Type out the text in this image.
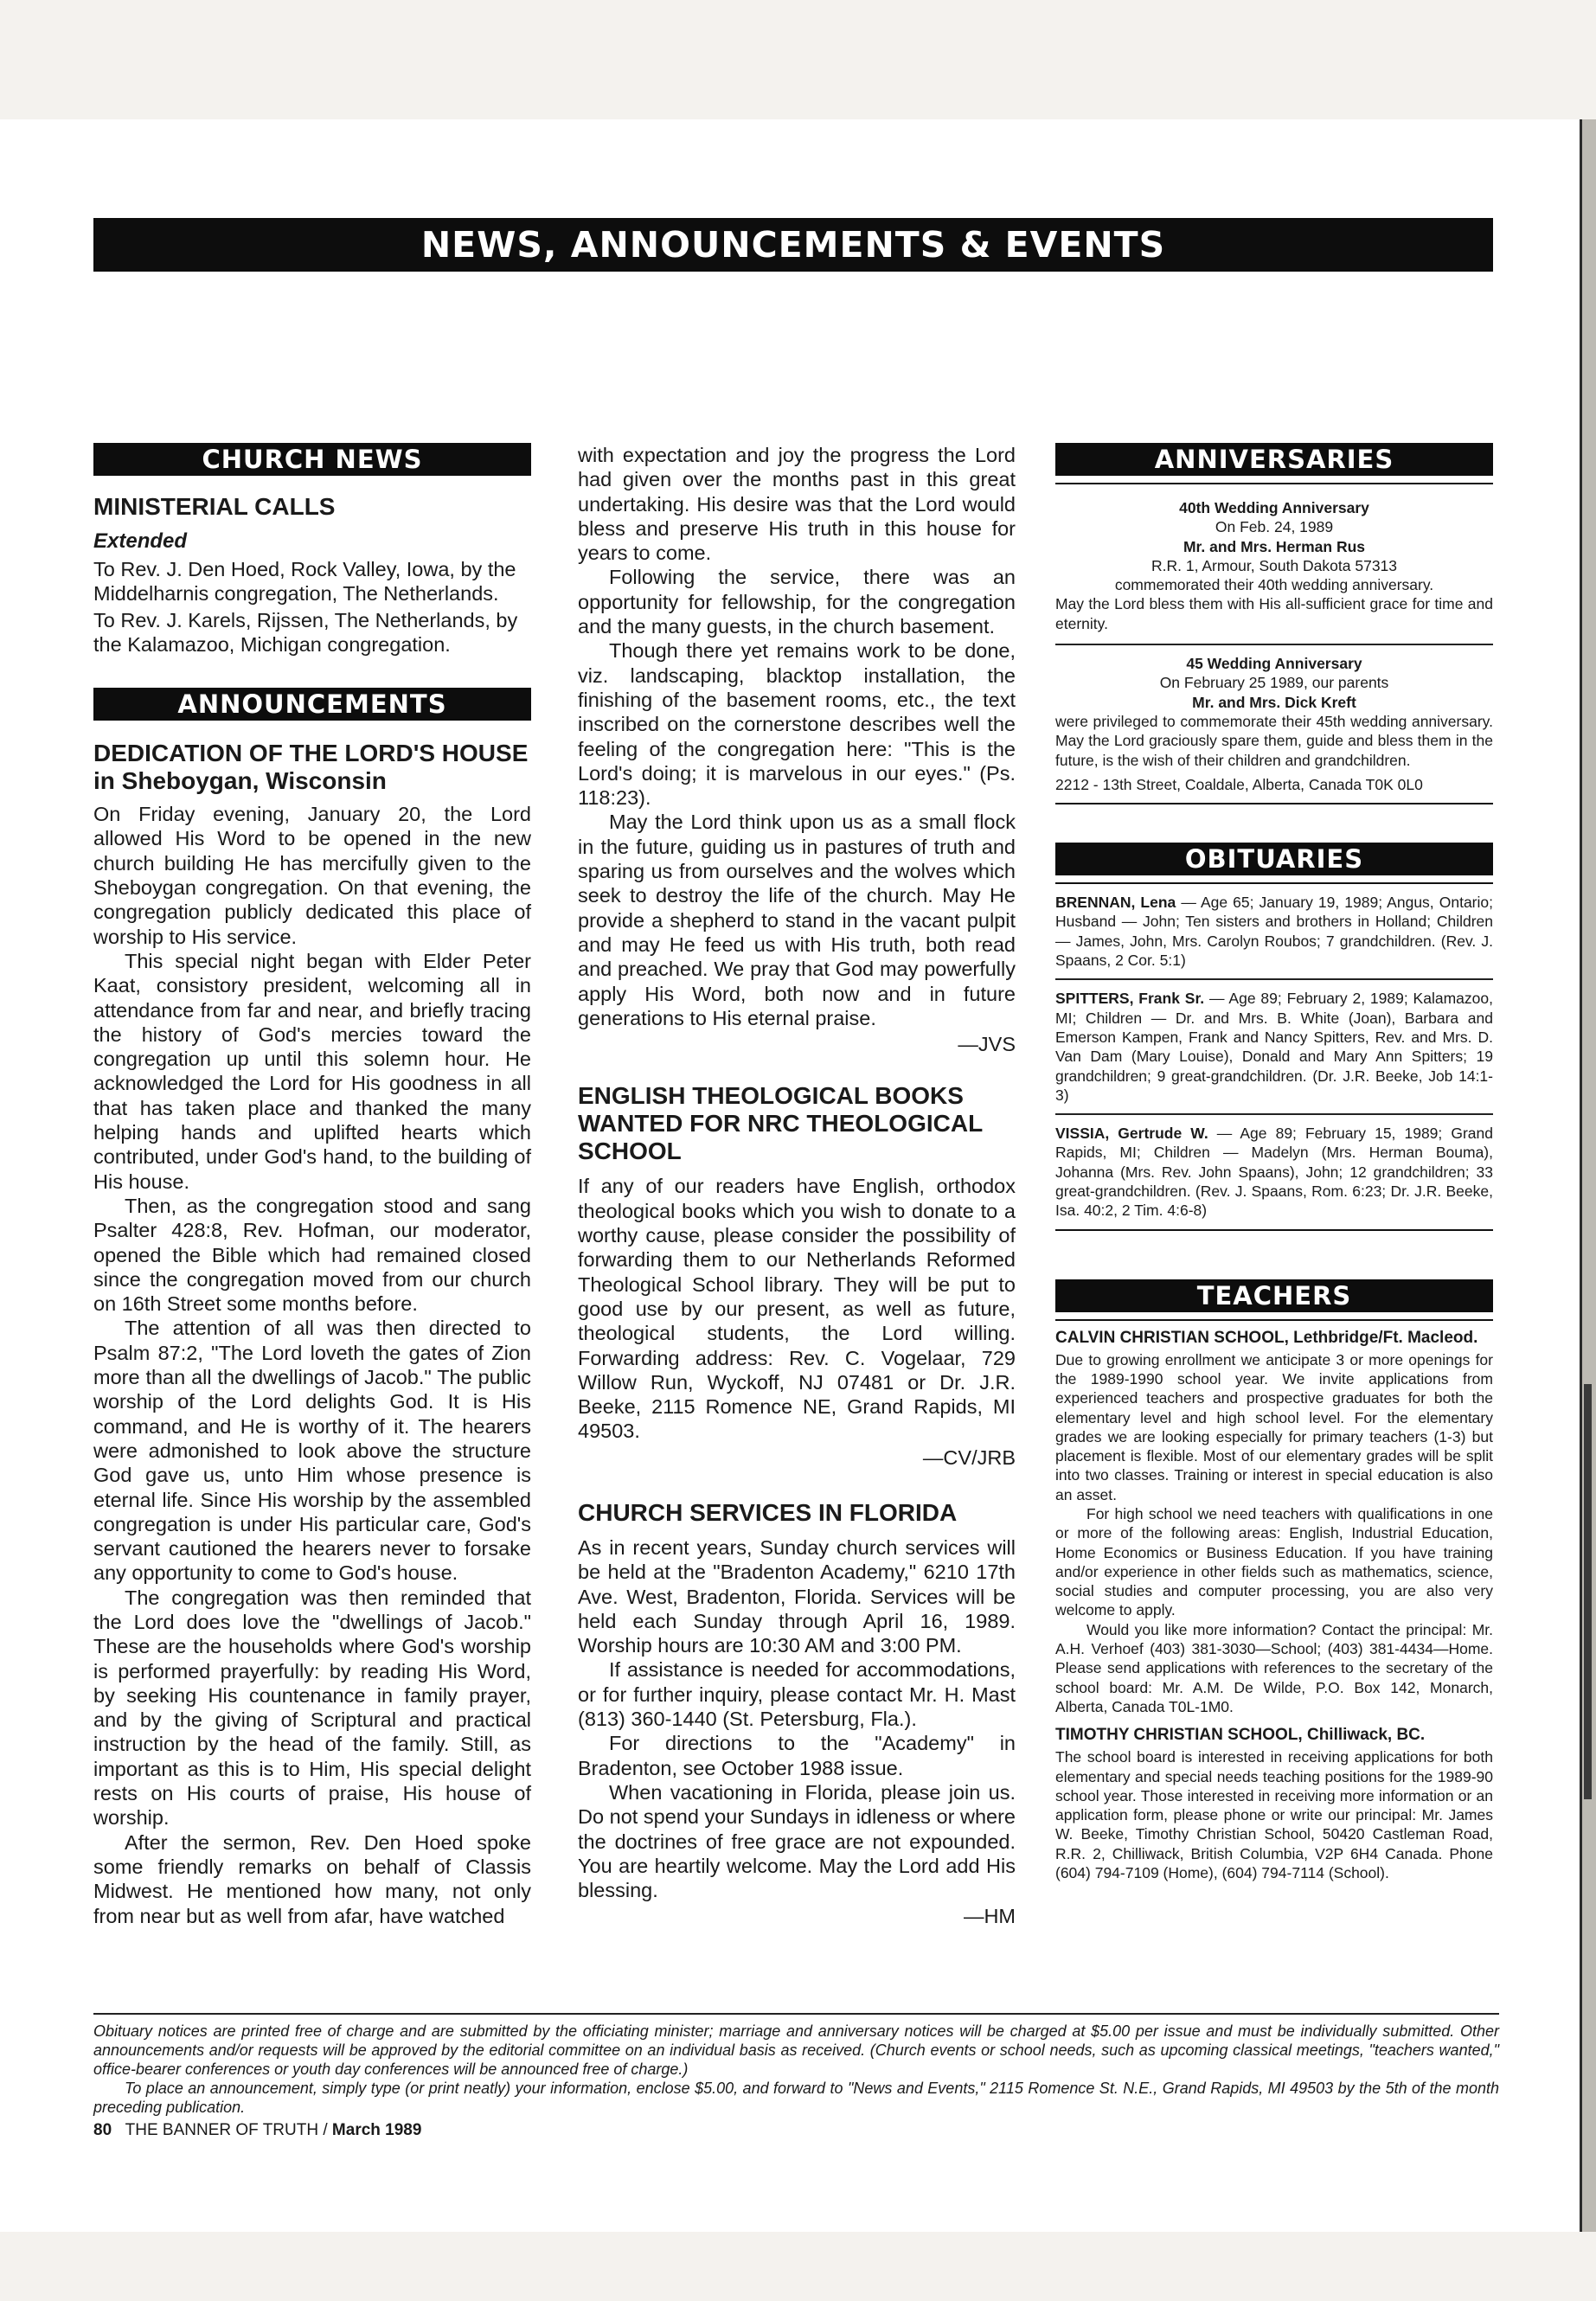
NEWS, ANNOUNCEMENTS & EVENTS
CHURCH NEWS
MINISTERIAL CALLS
Extended

To Rev. J. Den Hoed, Rock Valley, Iowa, by the Middelharnis congregation, The Netherlands.

To Rev. J. Karels, Rijssen, The Netherlands, by the Kalamazoo, Michigan congregation.

ANNOUNCEMENTS
DEDICATION OF THE LORD'S HOUSE
in Sheboygan, Wisconsin

On Friday evening, January 20, the Lord allowed His Word to be opened in the new church building He has mercifully given to the Sheboygan congregation. On that evening, the congregation publicly dedicated this place of worship to His service.

This special night began with Elder Peter Kaat, consistory president, welcoming all in attendance from far and near, and briefly tracing the history of God's mercies toward the congregation up until this solemn hour. He acknowledged the Lord for His goodness in all that has taken place and thanked the many helping hands and uplifted hearts which contributed, under God's hand, to the building of His house.

Then, as the congregation stood and sang Psalter 428:8, Rev. Hofman, our moderator, opened the Bible which had remained closed since the congregation moved from our church on 16th Street some months before.

The attention of all was then directed to Psalm 87:2, "The Lord loveth the gates of Zion more than all the dwellings of Jacob." The public worship of the Lord delights God. It is His command, and He is worthy of it. The hearers were admonished to look above the structure God gave us, unto Him whose presence is eternal life. Since His worship by the assembled congregation is under His particular care, God's servant cautioned the hearers never to forsake any opportunity to come to God's house.

The congregation was then reminded that the Lord does love the "dwellings of Jacob." These are the households where God's worship is performed prayerfully: by reading His Word, by seeking His countenance in family prayer, and by the giving of Scriptural and practical instruction by the head of the family. Still, as important as this is to Him, His special delight rests on His courts of praise, His house of worship.

After the sermon, Rev. Den Hoed spoke some friendly remarks on behalf of Classis Midwest. He mentioned how many, not only from near but as well from afar, have watched

with expectation and joy the progress the Lord had given over the months past in this great undertaking. His desire was that the Lord would bless and preserve His truth in this house for years to come.

Following the service, there was an opportunity for fellowship, for the congregation and the many guests, in the church basement.

Though there yet remains work to be done, viz. landscaping, blacktop installation, the finishing of the basement rooms, etc., the text inscribed on the cornerstone describes well the feeling of the congregation here: "This is the Lord's doing; it is marvelous in our eyes." (Ps. 118:23).

May the Lord think upon us as a small flock in the future, guiding us in pastures of truth and sparing us from ourselves and the wolves which seek to destroy the life of the church. May He provide a shepherd to stand in the vacant pulpit and may He feed us with His truth, both read and preached. We pray that God may powerfully apply His Word, both now and in future generations to His eternal praise.

—JVS

ENGLISH THEOLOGICAL BOOKS WANTED FOR NRC THEOLOGICAL SCHOOL

If any of our readers have English, orthodox theological books which you wish to donate to a worthy cause, please consider the possibility of forwarding them to our Netherlands Reformed Theological School library. They will be put to good use by our present, as well as future, theological students, the Lord willing. Forwarding address: Rev. C. Vogelaar, 729 Willow Run, Wyckoff, NJ 07481 or Dr. J.R. Beeke, 2115 Romence NE, Grand Rapids, MI 49503.

—CV/JRB

CHURCH SERVICES IN FLORIDA

As in recent years, Sunday church services will be held at the "Bradenton Academy," 6210 17th Ave. West, Bradenton, Florida. Services will be held each Sunday through April 16, 1989. Worship hours are 10:30 AM and 3:00 PM.

If assistance is needed for accommodations, or for further inquiry, please contact Mr. H. Mast (813) 360-1440 (St. Petersburg, Fla.).

For directions to the "Academy" in Bradenton, see October 1988 issue.

When vacationing in Florida, please join us. Do not spend your Sundays in idleness or where the doctrines of free grace are not expounded. You are heartily welcome. May the Lord add His blessing.

—HM

ANNIVERSARIES
40th Wedding Anniversary
On Feb. 24, 1989
Mr. and Mrs. Herman Rus
R.R. 1, Armour, South Dakota 57313
commemorated their 40th wedding anniversary.
May the Lord bless them with His all-sufficient grace for time and eternity.
45 Wedding Anniversary
On February 25 1989, our parents
Mr. and Mrs. Dick Kreft
were privileged to commemorate their 45th wedding anniversary. May the Lord graciously spare them, guide and bless them in the future, is the wish of their children and grandchildren.
2212 - 13th Street, Coaldale, Alberta, Canada T0K 0L0
OBITUARIES

BRENNAN, Lena — Age 65; January 19, 1989; Angus, Ontario; Husband — John; Ten sisters and brothers in Holland; Children — James, John, Mrs. Carolyn Roubos; 7 grandchildren. (Rev. J. Spaans, 2 Cor. 5:1)

SPITTERS, Frank Sr. — Age 89; February 2, 1989; Kalamazoo, MI; Children — Dr. and Mrs. B. White (Joan), Barbara and Emerson Kampen, Frank and Nancy Spitters, Rev. and Mrs. D. Van Dam (Mary Louise), Donald and Mary Ann Spitters; 19 grandchildren; 9 great-grandchildren. (Dr. J.R. Beeke, Job 14:1-3)

VISSIA, Gertrude W. — Age 89; February 15, 1989; Grand Rapids, MI; Children — Madelyn (Mrs. Herman Bouma), Johanna (Mrs. Rev. John Spaans), John; 12 grandchildren; 33 great-grandchildren. (Rev. J. Spaans, Rom. 6:23; Dr. J.R. Beeke, Isa. 40:2, 2 Tim. 4:6-8)

TEACHERS
CALVIN CHRISTIAN SCHOOL, Lethbridge/Ft. Macleod.

Due to growing enrollment we anticipate 3 or more openings for the 1989-1990 school year. We invite applications from experienced teachers and prospective graduates for both the elementary level and high school level. For the elementary grades we are looking especially for primary teachers (1-3) but placement is flexible. Most of our elementary grades will be split into two classes. Training or interest in special education is also an asset.

For high school we need teachers with qualifications in one or more of the following areas: English, Industrial Education, Home Economics or Business Education. If you have training and/or experience in other fields such as mathematics, science, social studies and computer processing, you are also very welcome to apply.

Would you like more information? Contact the principal: Mr. A.H. Verhoef (403) 381-3030—School; (403) 381-4434—Home. Please send applications with references to the secretary of the school board: Mr. A.M. De Wilde, P.O. Box 142, Monarch, Alberta, Canada T0L-1M0.

TIMOTHY CHRISTIAN SCHOOL, Chilliwack, BC.

The school board is interested in receiving applications for both elementary and special needs teaching positions for the 1989-90 school year. Those interested in receiving more information or an application form, please phone or write our principal: Mr. James W. Beeke, Timothy Christian School, 50420 Castleman Road, R.R. 2, Chilliwack, British Columbia, V2P 6H4 Canada. Phone (604) 794-7109 (Home), (604) 794-7114 (School).

Obituary notices are printed free of charge and are submitted by the officiating minister; marriage and anniversary notices will be charged at $5.00 per issue and must be individually submitted. Other announcements and/or requests will be approved by the editorial committee on an individual basis as received. (Church events or school needs, such as upcoming classical meetings, "teachers wanted," office-bearer conferences or youth day conferences will be announced free of charge.)
To place an announcement, simply type (or print neatly) your information, enclose $5.00, and forward to "News and Events," 2115 Romence St. N.E., Grand Rapids, MI 49503 by the 5th of the month preceding publication.
80 THE BANNER OF TRUTH / March 1989
